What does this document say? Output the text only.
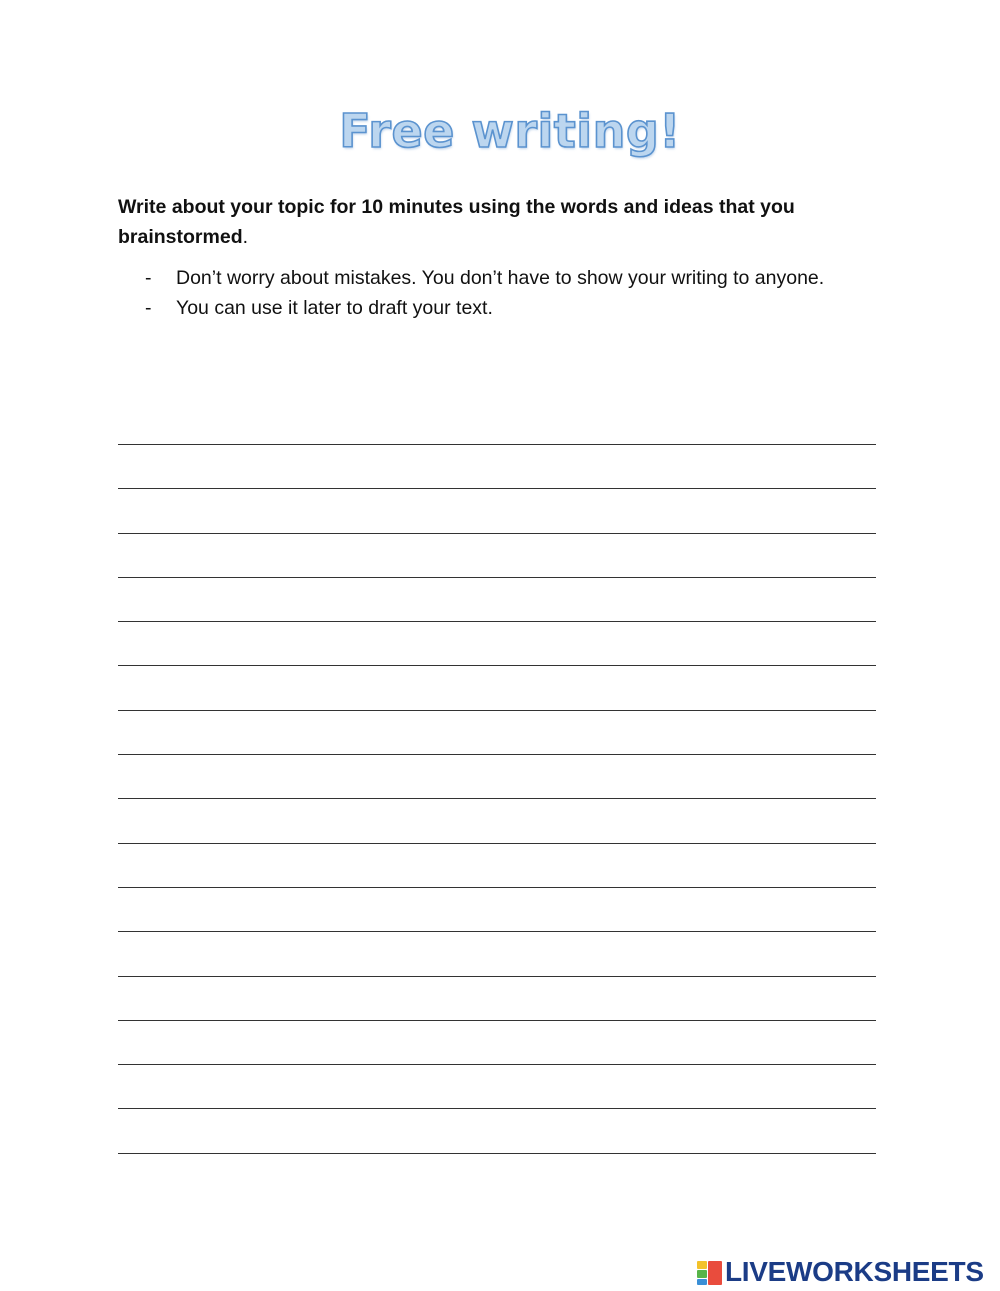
Free writing!
Write about your topic for 10 minutes using the words and ideas that you brainstormed.
- Don’t worry about mistakes. You don’t have to show your writing to anyone.
- You can use it later to draft your text.
LIVEWORKSHEETS
